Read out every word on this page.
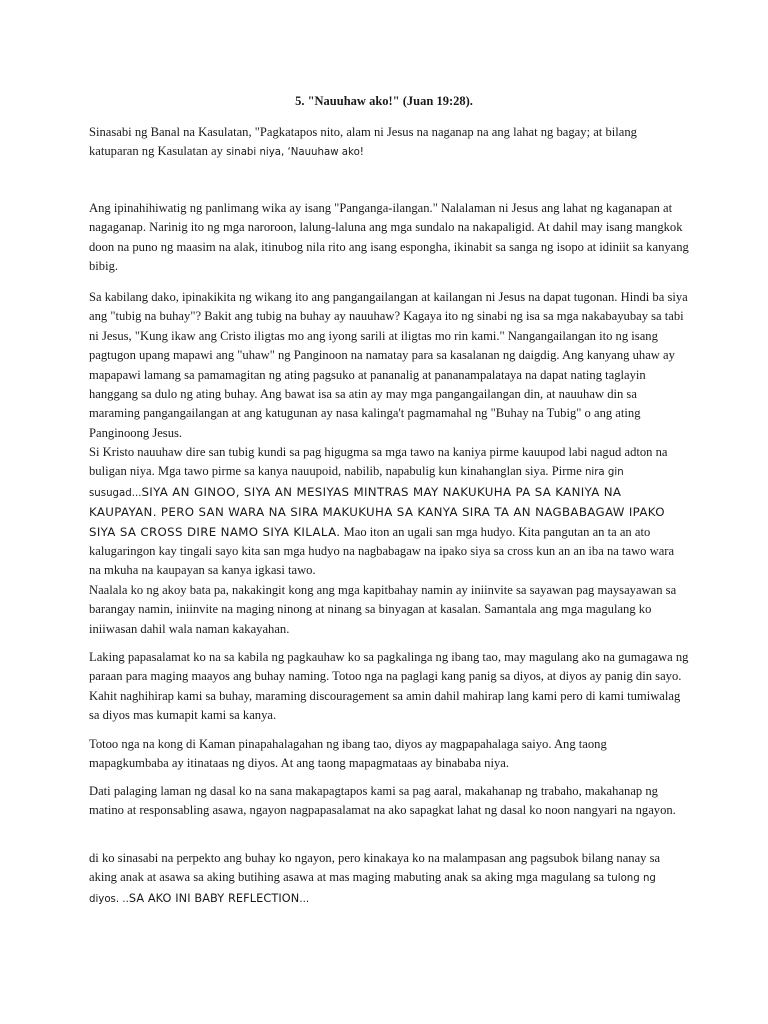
5. "Nauuhaw ako!" (Juan 19:28).

Sinasabi ng Banal na Kasulatan, "Pagkatapos nito, alam ni Jesus na naganap na ang lahat ng bagay; at bilang katuparan ng Kasulatan ay sinabi niya, ‘Nauuhaw ako!

Ang ipinahihiwatig ng panlimang wika ay isang "Panganga-ilangan." Nalalaman ni Jesus ang lahat ng kaganapan at nagaganap. Narinig ito ng mga naroroon, lalung-laluna ang mga sundalo na nakapaligid. At dahil may isang mangkok doon na puno ng maasim na alak, itinubog nila rito ang isang espongha, ikinabit sa sanga ng isopo at idiniit sa kanyang bibig.

Sa kabilang dako, ipinakikita ng wikang ito ang pangangailangan at kailangan ni Jesus na dapat tugonan. Hindi ba siya ang "tubig na buhay"? Bakit ang tubig na buhay ay nauuhaw? Kagaya ito ng sinabi ng isa sa mga nakabayubay sa tabi ni Jesus, "Kung ikaw ang Cristo iligtas mo ang iyong sarili at iligtas mo rin kami." Nangangailangan ito ng isang pagtugon upang mapawi ang "uhaw" ng Panginoon na namatay para sa kasalanan ng daigdig. Ang kanyang uhaw ay mapapawi lamang sa pamamagitan ng ating pagsuko at pananalig at pananampalataya na dapat nating taglayin hanggang sa dulo ng ating buhay. Ang bawat isa sa atin ay may mga pangangailangan din, at nauuhaw din sa maraming pangangailangan at ang katugunan ay nasa kalinga't pagmamahal ng "Buhay na Tubig" o ang ating Panginoong Jesus.

Si Kristo nauuhaw dire san tubig kundi sa pag higugma sa mga tawo na kaniya pirme kauupod labi nagud adton na buligan niya. Mga tawo pirme sa kanya nauupoid, nabilib, napabulig kun kinahanglan siya. Pirme nira gin susugad...SIYA AN GINOO, SIYA AN MESIYAS MINTRAS MAY NAKUKUHA PA SA KANIYA NA KAUPAYAN. PERO SAN WARA NA SIRA MAKUKUHA SA KANYA SIRA TA AN NAGBABAGAW IPAKO SIYA SA CROSS DIRE NAMO SIYA KILALA. Mao iton an ugali san mga hudyo. Kita pangutan an ta an ato kalugaringon kay tingali sayo kita san mga hudyo na nagbabagaw na ipako siya sa cross kun an an iba na tawo wara na mkuha na kaupayan sa kanya igkasi tawo.

Naalala ko ng akoy bata pa, nakakingit kong ang mga kapitbahay namin ay iniinvite sa sayawan pag maysayawan sa barangay namin, iniinvite na maging ninong at ninang sa binyagan at kasalan. Samantala ang mga magulang ko iniiwasan dahil wala naman kakayahan.

Laking papasalamat ko na sa kabila ng pagkauhaw ko sa pagkalinga ng ibang tao, may magulang ako na gumagawa ng paraan para maging maayos ang buhay naming. Totoo nga na paglagi kang panig sa diyos, at diyos ay panig din sayo. Kahit naghihirap kami sa buhay, maraming discouragement sa amin dahil mahirap lang kami pero di kami tumiwalag sa diyos mas kumapit kami sa kanya.

Totoo nga na kong di Kaman pinapahalagahan ng ibang tao, diyos ay magpapahalaga saiyo. Ang taong mapagkumbaba ay itinataas ng diyos. At ang taong mapagmataas ay binababa niya.

Dati palaging laman ng dasal ko na sana makapagtapos kami sa pag aaral, makahanap ng trabaho, makahanap ng matino at responsabling asawa, ngayon nagpapasalamat na ako sapagkat lahat ng dasal ko noon nangyari na ngayon.

di ko sinasabi na perpekto ang buhay ko ngayon, pero kinakaya ko na malampasan ang pagsubok bilang nanay sa aking anak at asawa sa aking butihing asawa at mas maging mabuting anak sa aking mga magulang sa tulong ng diyos. ..SA AKO INI BABY REFLECTION...
